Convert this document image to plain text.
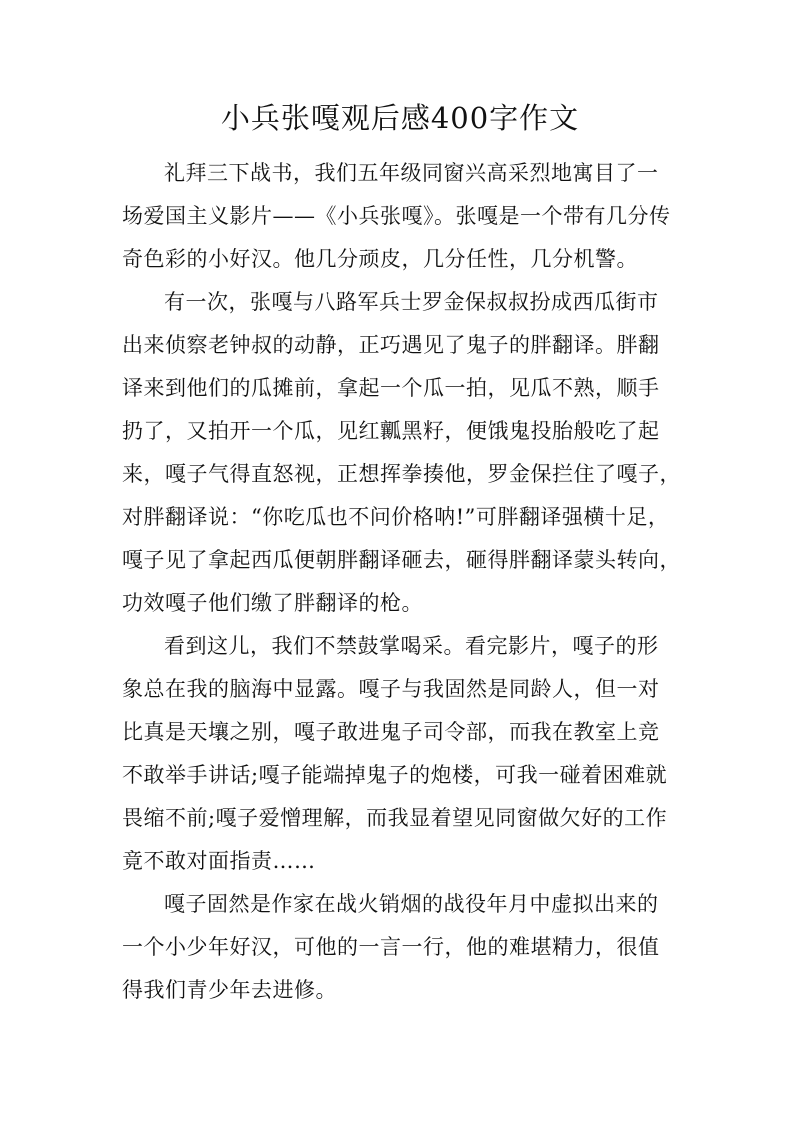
小兵张嘎观后感400字作文

礼拜三下战书，我们五年级同窗兴高采烈地寓目了一
场爱国主义影片——《小兵张嘎》。张嘎是一个带有几分传
奇色彩的小好汉。他几分顽皮，几分任性，几分机警。

有一次，张嘎与八路军兵士罗金保叔叔扮成西瓜街市
出来侦察老钟叔的动静，正巧遇见了鬼子的胖翻译。胖翻
译来到他们的瓜摊前，拿起一个瓜一拍，见瓜不熟，顺手
扔了，又拍开一个瓜，见红瓤黑籽，便饿鬼投胎般吃了起
来，嘎子气得直怒视，正想挥拳揍他，罗金保拦住了嘎子，
对胖翻译说：“你吃瓜也不问价格呐!”可胖翻译强横十足，
嘎子见了拿起西瓜便朝胖翻译砸去，砸得胖翻译蒙头转向，
功效嘎子他们缴了胖翻译的枪。

看到这儿，我们不禁鼓掌喝采。看完影片，嘎子的形
象总在我的脑海中显露。嘎子与我固然是同龄人，但一对
比真是天壤之别，嘎子敢进鬼子司令部，而我在教室上竞
不敢举手讲话;嘎子能端掉鬼子的炮楼，可我一碰着困难就
畏缩不前;嘎子爱憎理解，而我显着望见同窗做欠好的工作
竟不敢对面指责……

嘎子固然是作家在战火销烟的战役年月中虚拟出来的
一个小少年好汉，可他的一言一行，他的难堪精力，很值
得我们青少年去进修。
